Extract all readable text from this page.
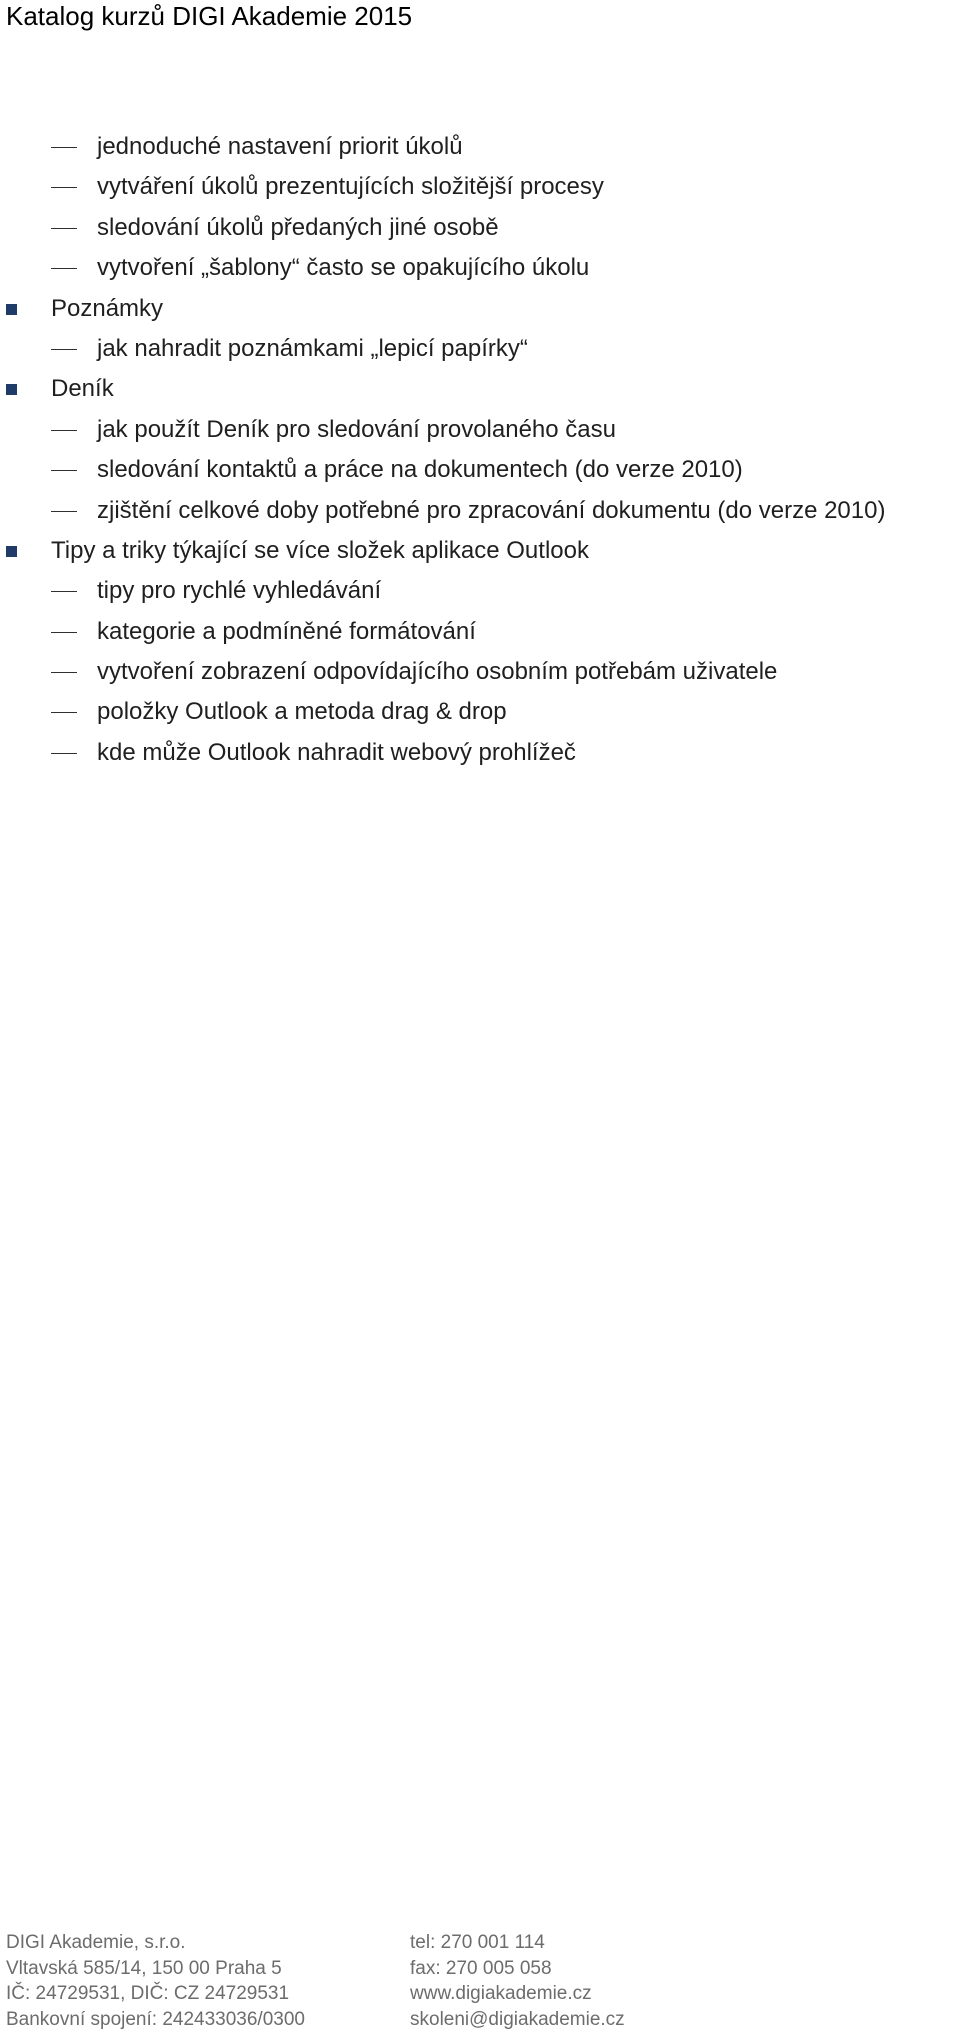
Katalog kurzů DIGI Akademie 2015
jednoduché nastavení priorit úkolů
vytváření úkolů prezentujících složitější procesy
sledování úkolů předaných jiné osobě
vytvoření „šablony“ často se opakujícího úkolu
Poznámky
jak nahradit poznámkami „lepicí papírky“
Deník
jak použít Deník pro sledování provolaného času
sledování kontaktů a práce na dokumentech (do verze 2010)
zjištění celkové doby potřebné pro zpracování dokumentu (do verze 2010)
Tipy a triky týkající se více složek aplikace Outlook
tipy pro rychlé vyhledávání
kategorie a podmíněné formátování
vytvoření zobrazení odpovídajícího osobním potřebám uživatele
položky Outlook a metoda drag & drop
kde může Outlook nahradit webový prohlížeč
DIGI Akademie, s.r.o.
Vltavská 585/14, 150 00 Praha 5
IČ: 24729531, DIČ: CZ 24729531
Bankovní spojení: 242433036/0300
tel: 270 001 114
fax: 270 005 058
www.digiakademie.cz
skoleni@digiakademie.cz
